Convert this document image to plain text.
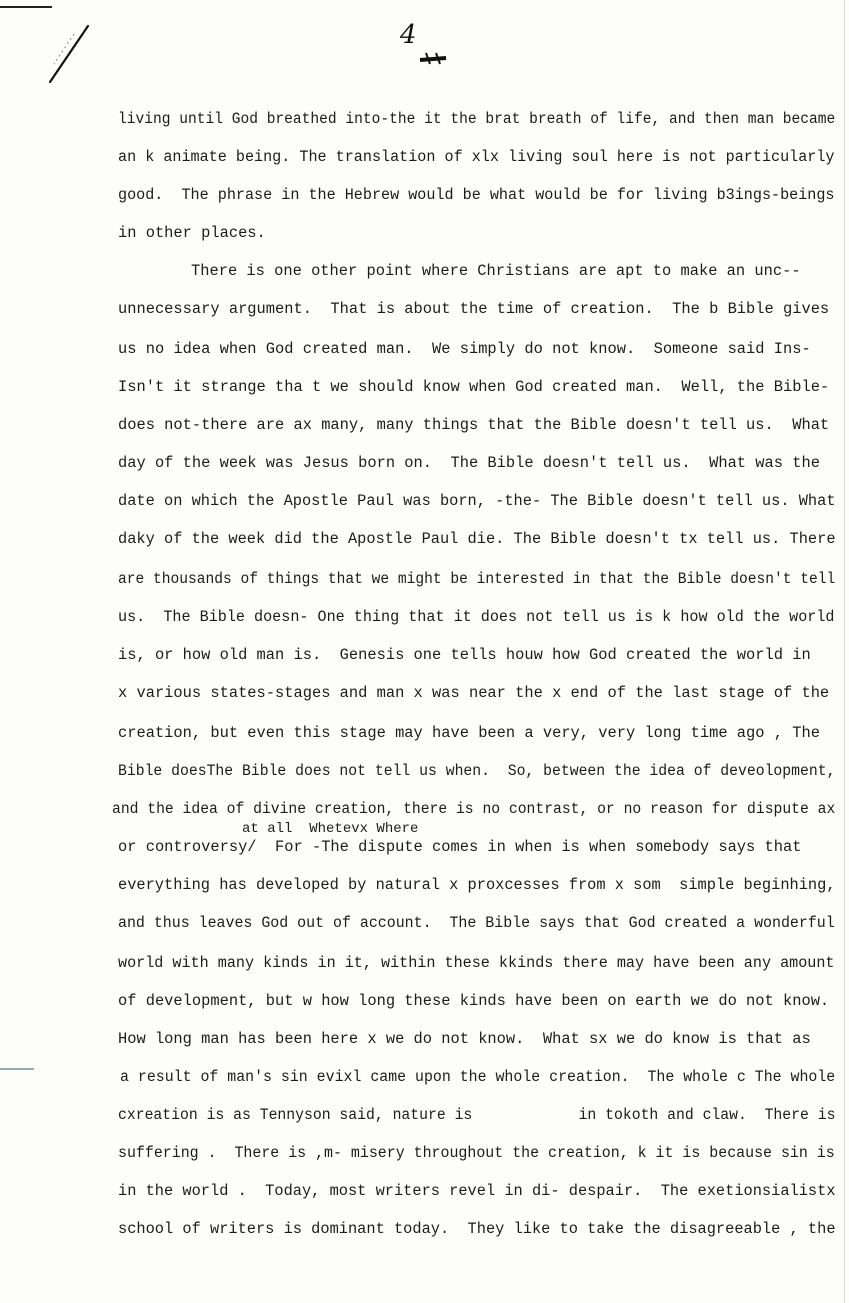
4
living until God breathed into-the it the brat breath of life, and then man became
an k animate being. The translation of xlx living soul here is not particularly
good.  The phrase in the Hebrew would be what would be for living b3ings-beings
in other places.
There is one other point where Christians are apt to make an unc--
unnecessary argument.  That is about the time of creation.  The b Bible gives
us no idea when God created man.  We simply do not know.  Someone said Ins-
Isn't it strange tha t we should know when God created man.  Well, the Bible-
does not-there are ax many, many things that the Bible doesn't tell us.  What
day of the week was Jesus born on.  The Bible doesn't tell us.  What was the
date on which the Apostle Paul was born, -the- The Bible doesn't tell us. What
daky of the week did the Apostle Paul die. The Bible doesn't tx tell us. There
are thousands of things that we might be interested in that the Bible doesn't tell
us.  The Bible doesn- One thing that it does not tell us is k how old the world
is, or how old man is.  Genesis one tells houw how God created the world in
x various states-stages and man x was near the x end of the last stage of the
creation, but even this stage may have been a very, very long time ago , The
Bible doesThe Bible does not tell us when.  So, between the idea of deveolopment,
and the idea of divine creation, there is no contrast, or no reason for dispute ax
at all  Whetevx Where
or controversy/  For -The dispute comes in when is when somebody says that
everything has developed by natural x proxcesses from x som  simple beginhing,
and thus leaves God out of account.  The Bible says that God created a wonderful
world with many kinds in it, within these kkinds there may have been any amount
of development, but w how long these kinds have been on earth we do not know.
How long man has been here x we do not know.  What sx we do know is that as
a result of man's sin evixl came upon the whole creation.  The whole c The whole
cxreation is as Tennyson said, nature is            in tokoth and claw.  There is
suffering .  There is ,m- misery throughout the creation, k it is because sin is
in the world .  Today, most writers revel in di- despair.  The exetionsialistx
school of writers is dominant today.  They like to take the disagreeable , the
